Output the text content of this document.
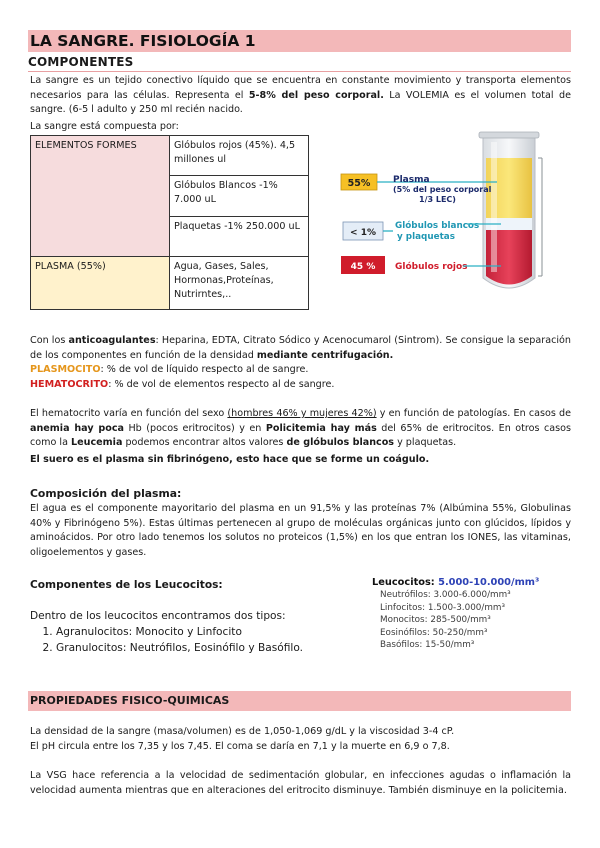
LA SANGRE. FISIOLOGÍA 1
COMPONENTES
La sangre es un tejido conectivo líquido que se encuentra en constante movimiento y transporta elementos necesarios para las células. Representa el 5-8% del peso corporal. La VOLEMIA es el volumen total de sangre. (6-5 l adulto y 250 ml recién nacido.
La sangre está compuesta por:
ELEMENTOS FORMES	Glóbulos rojos (45%). 4,5 millones ul
	Glóbulos Blancos -1% 7.000 uL
	Plaquetas -1% 250.000 uL
PLASMA (55%)	Agua, Gases, Sales, Hormonas,Proteínas, Nutrirntes,..
55%	Plasma
(5% del peso corporal
1/3 LEC)
< 1%
Glóbulos blancos
y plaquetas
45 % Glóbulos rojos
Con los anticoagulantes: Heparina, EDTA, Citrato Sódico y Acenocumarol (Sintrom). Se consigue la separación de los componentes en función de la densidad mediante centrifugación.
PLASMOCITO: % de vol de líquido respecto al de sangre.
HEMATOCRITO: % de vol de elementos respecto al de sangre.
El hematocrito varía en función del sexo (hombres 46% y mujeres 42%) y en función de patologías. En casos de anemia hay poca Hb (pocos eritrocitos) y en Policitemia hay más del 65% de eritrocitos. En otros casos como la Leucemia podemos encontrar altos valores de glóbulos blancos y plaquetas.
El suero es el plasma sin fibrinógeno, esto hace que se forme un coágulo.
Composición del plasma:
El agua es el componente mayoritario del plasma en un 91,5% y las proteínas 7% (Albúmina 55%, Globulinas 40% y Fibrinógeno 5%). Estas últimas pertenecen al grupo de moléculas orgánicas junto con glúcidos, lípidos y aminoácidos. Por otro lado tenemos los solutos no proteicos (1,5%) en los que entran los IONES, las vitaminas, oligoelementos y gases.
Componentes de los Leucocitos:
Dentro de los leucocitos encontramos dos tipos:
1. Agranulocitos: Monocito y Linfocito
2. Granulocitos: Neutrófilos, Eosinófilo y Basófilo.
Leucocitos: 5.000-10.000/mm³
Neutrófilos: 3.000-6.000/mm³
Linfocitos: 1.500-3.000/mm³
Monocitos: 285-500/mm³
Eosinófilos: 50-250/mm³
Basófilos: 15-50/mm³
PROPIEDADES FISICO-QUIMICAS
La densidad de la sangre (masa/volumen) es de 1,050-1,069 g/dL y la viscosidad 3-4 cP.
El pH circula entre los 7,35 y los 7,45. El coma se daría en 7,1 y la muerte en 6,9 o 7,8.
La VSG hace referencia a la velocidad de sedimentación globular, en infecciones agudas o inflamación la velocidad aumenta mientras que en alteraciones del eritrocito disminuye. También disminuye en la policitemia.
